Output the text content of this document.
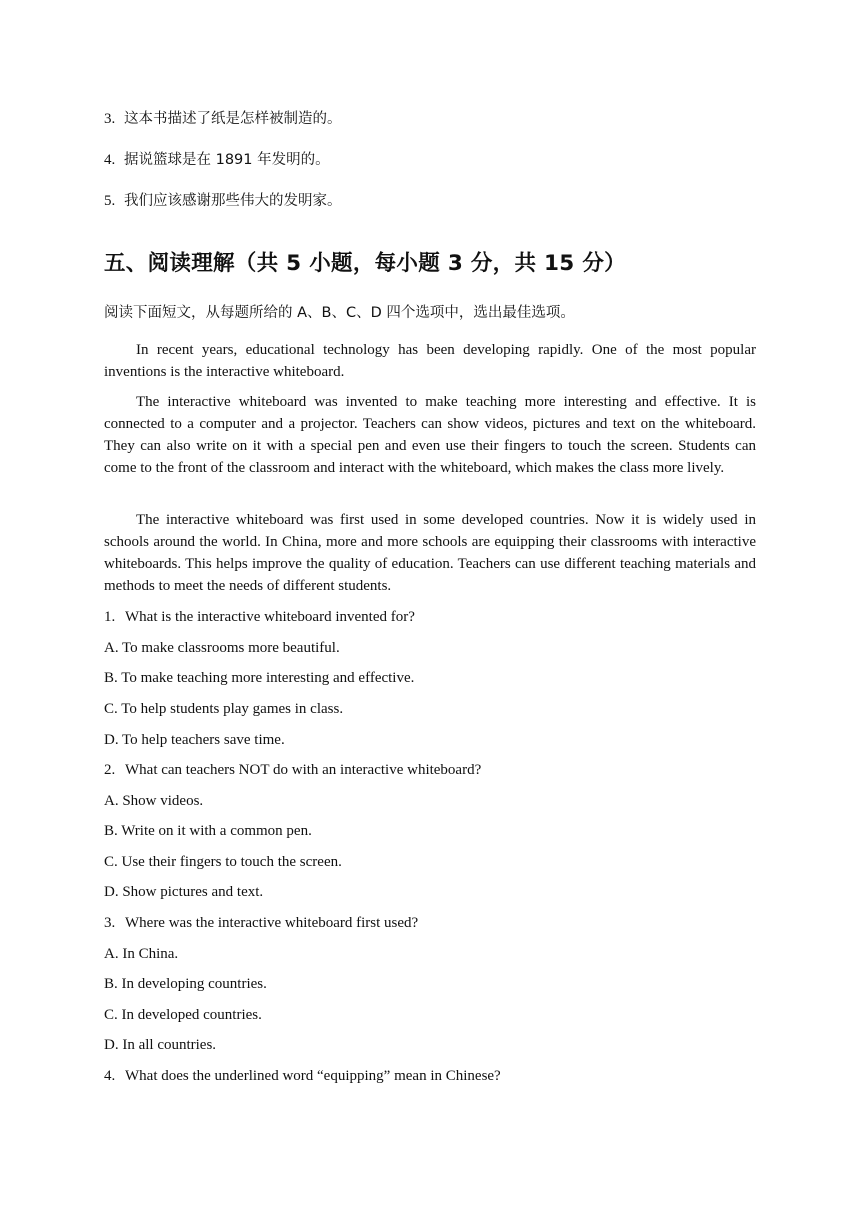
3. 这本书描述了纸是怎样被制造的。
4. 据说篮球是在 1891 年发明的。
5. 我们应该感谢那些伟大的发明家。
五、阅读理解（共 5 小题，每小题 3 分，共 15 分）
阅读下面短文，从每题所给的 A、B、C、D 四个选项中，选出最佳选项。
In recent years, educational technology has been developing rapidly. One of the most popular inventions is the interactive whiteboard.
The interactive whiteboard was invented to make teaching more interesting and effective. It is connected to a computer and a projector. Teachers can show videos, pictures and text on the whiteboard. They can also write on it with a special pen and even use their fingers to touch the screen. Students can come to the front of the classroom and interact with the whiteboard, which makes the class more lively.
The interactive whiteboard was first used in some developed countries. Now it is widely used in schools around the world. In China, more and more schools are equipping their classrooms with interactive whiteboards. This helps improve the quality of education. Teachers can use different teaching materials and methods to meet the needs of different students.
1. What is the interactive whiteboard invented for?
A. To make classrooms more beautiful.
B. To make teaching more interesting and effective.
C. To help students play games in class.
D. To help teachers save time.
2. What can teachers NOT do with an interactive whiteboard?
A. Show videos.
B. Write on it with a common pen.
C. Use their fingers to touch the screen.
D. Show pictures and text.
3. Where was the interactive whiteboard first used?
A. In China.
B. In developing countries.
C. In developed countries.
D. In all countries.
4. What does the underlined word “equipping” mean in Chinese?
